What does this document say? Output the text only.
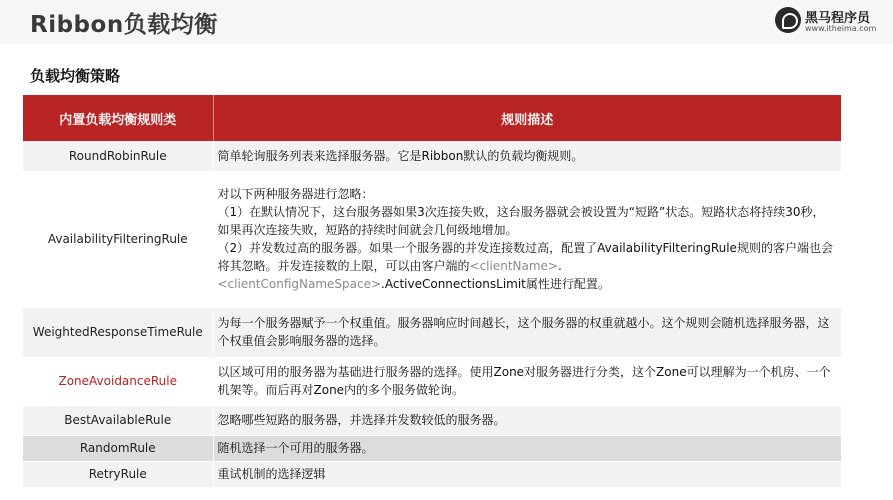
Ribbon负载均衡	黑马程序员
www.itheima.com
负载均衡策略
内置负载均衡规则类	规则描述
RoundRobinRule	简单轮询服务列表来选择服务器。它是Ribbon默认的负载均衡规则。
AvailabilityFilteringRule	对以下两种服务器进行忽略：
（1）在默认情况下，这台服务器如果3次连接失败，这台服务器就会被设置为“短路”状态。短路状态将持续30秒，如果再次连接失败，短路的持续时间就会几何级地增加。
（2）并发数过高的服务器。如果一个服务器的并发连接数过高，配置了AvailabilityFilteringRule规则的客户端也会将其忽略。并发连接数的上限，可以由客户端的<clientName>.<clientConfigNameSpace>.ActiveConnectionsLimit属性进行配置。

WeightedResponseTimeRule	为每一个服务器赋予一个权重值。服务器响应时间越长，这个服务器的权重就越小。这个规则会随机选择服务器，这个权重值会影响服务器的选择。
ZoneAvoidanceRule	以区域可用的服务器为基础进行服务器的选择。使用Zone对服务器进行分类，这个Zone可以理解为一个机房、一个机架等。而后再对Zone内的多个服务做轮询。
BestAvailableRule	忽略哪些短路的服务器，并选择并发数较低的服务器。
RandomRule	随机选择一个可用的服务器。
RetryRule	重试机制的选择逻辑
